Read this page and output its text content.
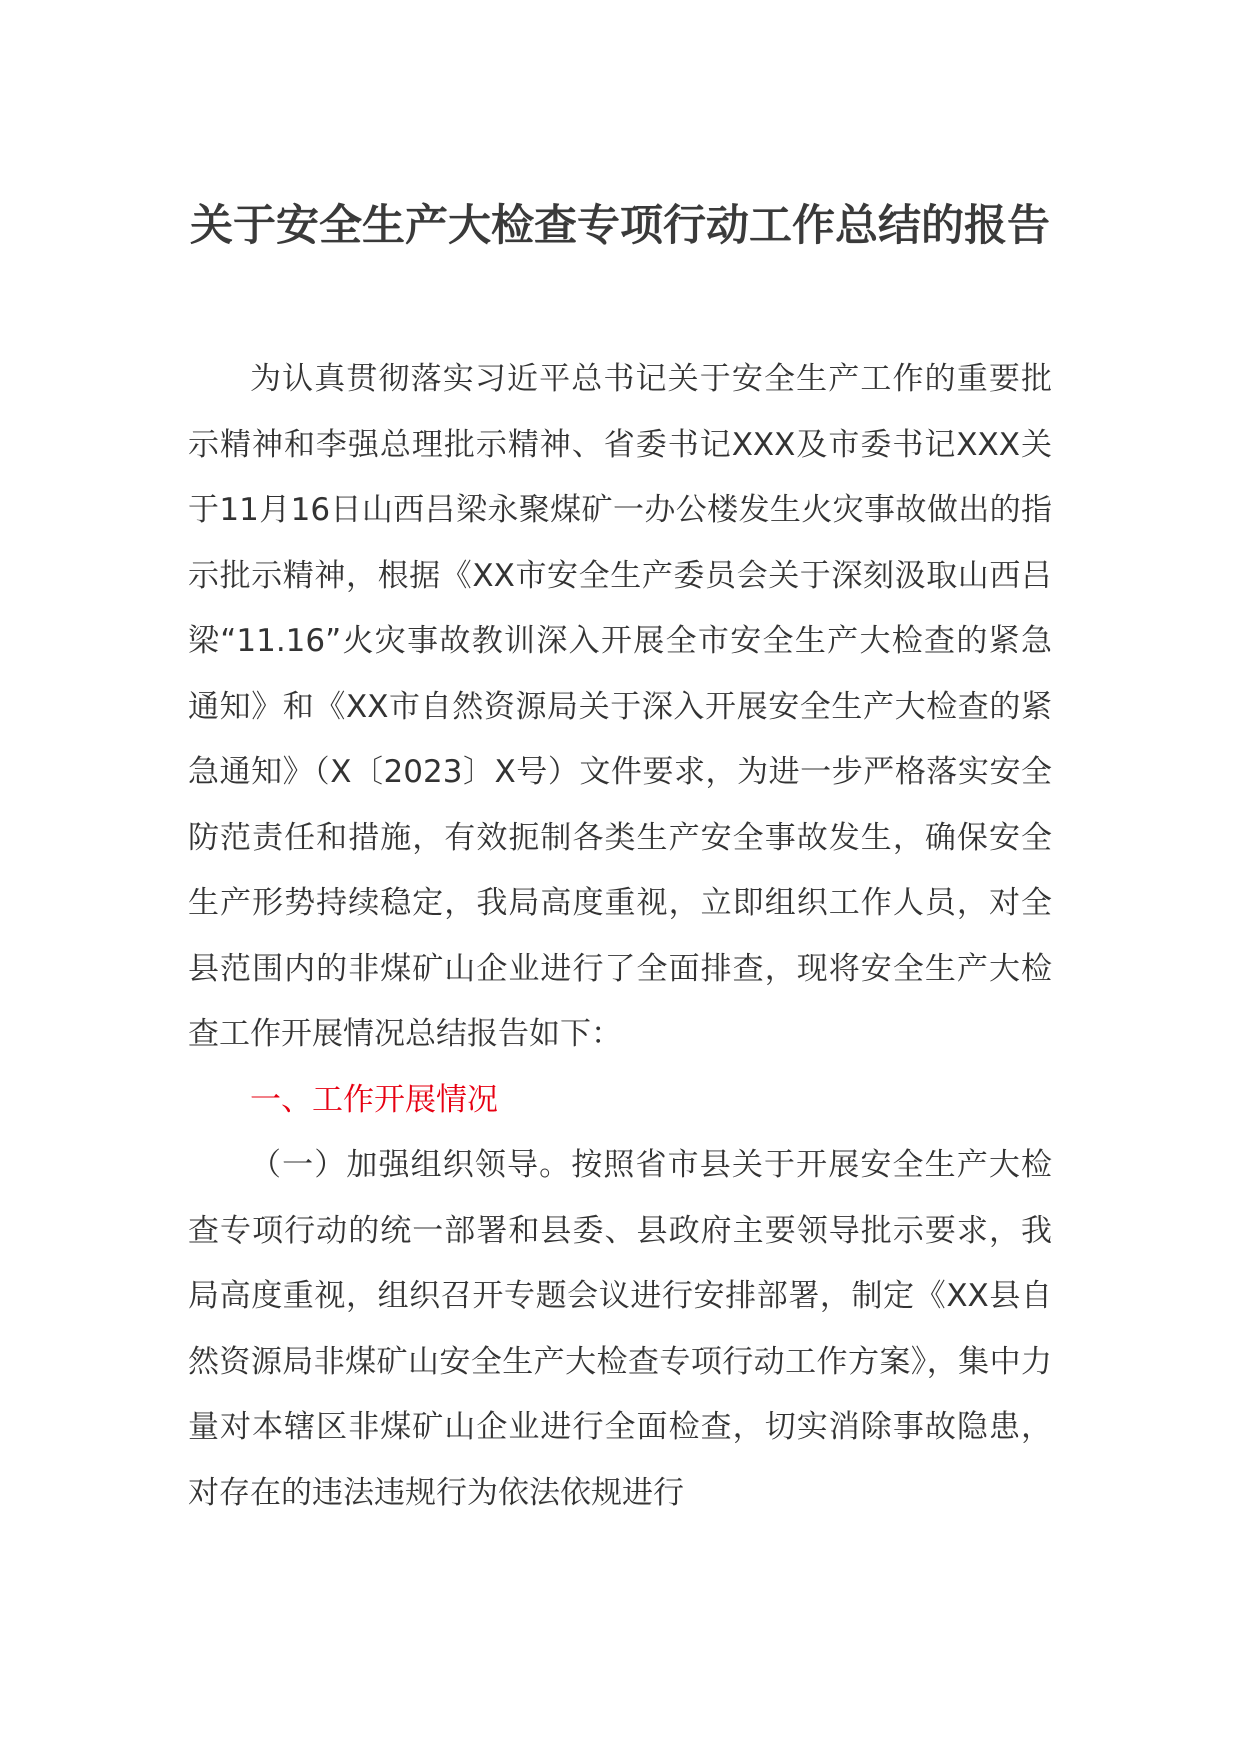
关于安全生产大检查专项行动工作总结的报告

为认真贯彻落实习近平总书记关于安全生产工作的重要批示精神和李强总理批示精神、省委书记XXX及市委书记XXX关于11月16日山西吕梁永聚煤矿一办公楼发生火灾事故做出的指示批示精神，根据《XX市安全生产委员会关于深刻汲取山西吕梁“11.16”火灾事故教训深入开展全市安全生产大检查的紧急通知》和《XX市自然资源局关于深入开展安全生产大检查的紧急通知》（X〔2023〕X号）文件要求，为进一步严格落实安全防范责任和措施，有效扼制各类生产安全事故发生，确保安全生产形势持续稳定，我局高度重视，立即组织工作人员，对全县范围内的非煤矿山企业进行了全面排查，现将安全生产大检查工作开展情况总结报告如下：

一、工作开展情况

（一）加强组织领导。按照省市县关于开展安全生产大检查专项行动的统一部署和县委、县政府主要领导批示要求，我局高度重视，组织召开专题会议进行安排部署，制定《XX县自然资源局非煤矿山安全生产大检查专项行动工作方案》，集中力量对本辖区非煤矿山企业进行全面检查，切实消除事故隐患，对存在的违法违规行为依法依规进行
